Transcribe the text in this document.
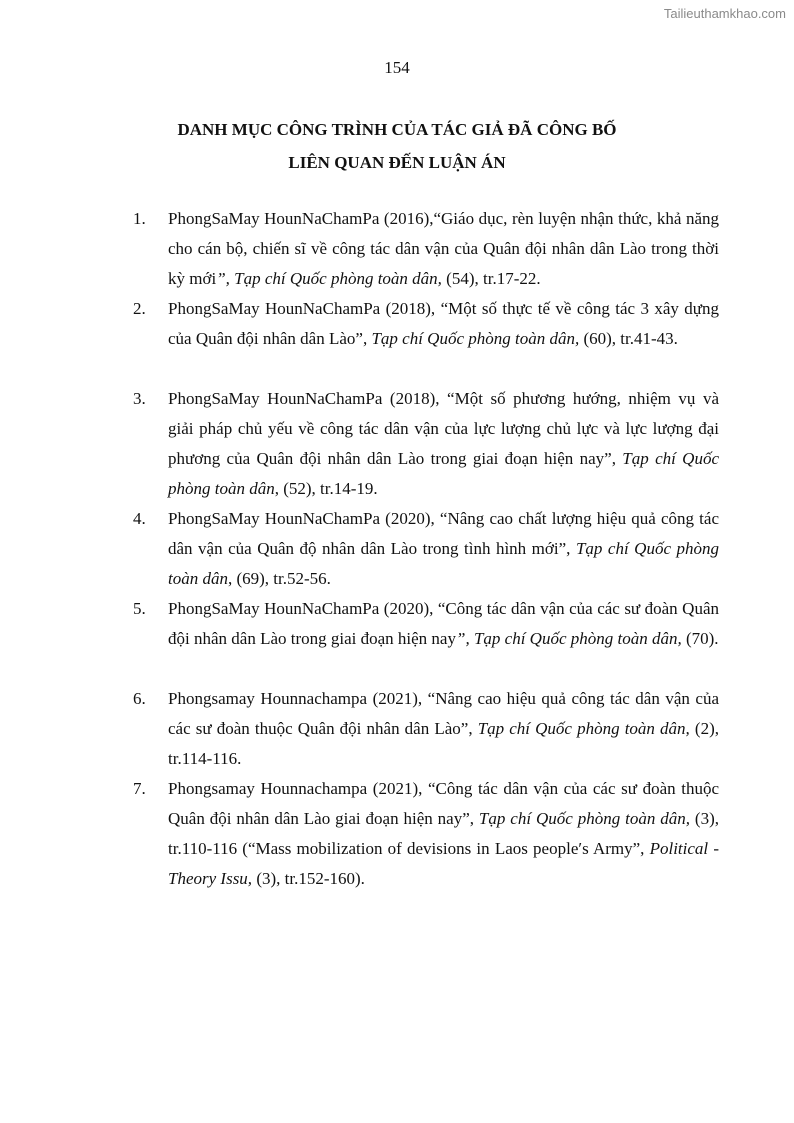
Tailieuthamkhao.com
154
DANH MỤC CÔNG TRÌNH CỦA TÁC GIẢ ĐÃ CÔNG BỐ
LIÊN QUAN ĐẾN LUẬN ÁN
1. PhongSaMay HounNaChamPa (2016),“Giáo dục, rèn luyện nhận thức, khả năng cho cán bộ, chiến sĩ về công tác dân vận của Quân đội nhân dân Lào trong thời kỳ mới”, Tạp chí Quốc phòng toàn dân, (54), tr.17-22.
2. PhongSaMay HounNaChamPa (2018), “Một số thực tế về công tác 3 xây dựng của Quân đội nhân dân Lào”, Tạp chí Quốc phòng toàn dân, (60), tr.41-43.
3. PhongSaMay HounNaChamPa (2018), “Một số phương hướng, nhiệm vụ và giải pháp chủ yếu về công tác dân vận của lực lượng chủ lực và lực lượng đại phương của Quân đội nhân dân Lào trong giai đoạn hiện nay”, Tạp chí Quốc phòng toàn dân, (52), tr.14-19.
4. PhongSaMay HounNaChamPa (2020), “Nâng cao chất lượng hiệu quả công tác dân vận của Quân độ nhân dân Lào trong tình hình mới”, Tạp chí Quốc phòng toàn dân, (69), tr.52-56.
5. PhongSaMay HounNaChamPa (2020), “Công tác dân vận của các sư đoàn Quân đội nhân dân Lào trong giai đoạn hiện nay”, Tạp chí Quốc phòng toàn dân, (70).
6. Phongsamay Hounnachampa (2021), “Nâng cao hiệu quả công tác dân vận của các sư đoàn thuộc Quân đội nhân dân Lào”, Tạp chí Quốc phòng toàn dân, (2), tr.114-116.
7. Phongsamay Hounnachampa (2021), “Công tác dân vận của các sư đoàn thuộc Quân đội nhân dân Lào giai đoạn hiện nay”, Tạp chí Quốc phòng toàn dân, (3), tr.110-116 (“Mass mobilization of devisions in Laos people′s Army”, Political - Theory Issu, (3), tr.152-160).
